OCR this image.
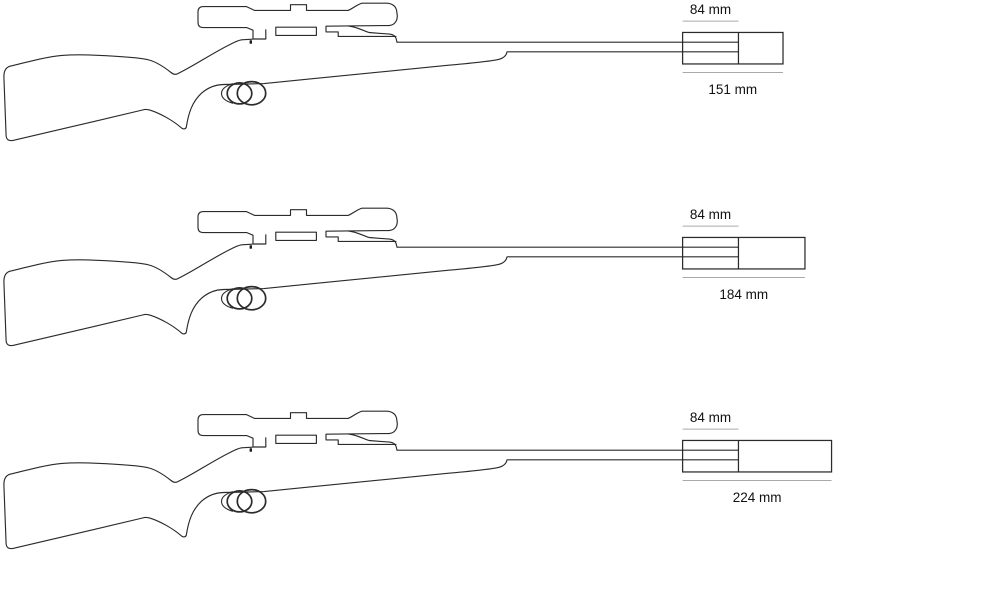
84 mm
151 mm
84 mm
184 mm
84 mm
224 mm
